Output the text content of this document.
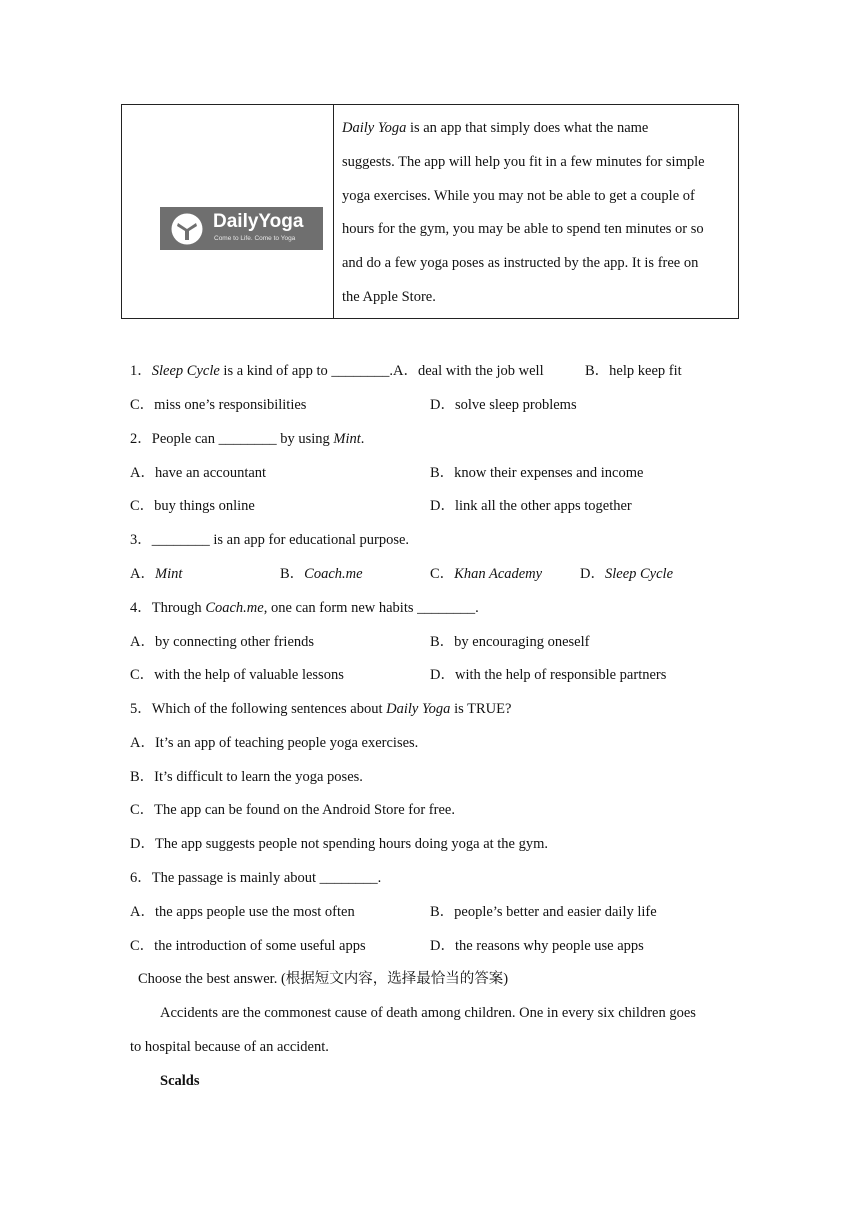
DailyYoga
Come to Life. Come to Yoga
Daily Yoga is an app that simply does what the name
suggests. The app will help you fit in a few minutes for simple
yoga exercises. While you may not be able to get a couple of
hours for the gym, you may be able to spend ten minutes or so
and do a few yoga poses as instructed by the app. It is free on
the Apple Store.
1．Sleep Cycle is a kind of app to ________.A．deal with the job well	B．help keep fit
C．miss one’s responsibilities	D．solve sleep problems
2．People can ________ by using Mint.
A．have an accountant	B．know their expenses and income
C．buy things online	D．link all the other apps together
3．________ is an app for educational purpose.
A．Mint	B．Coach.me	C．Khan Academy	D．Sleep Cycle
4．Through Coach.me, one can form new habits ________.
A．by connecting other friends	B．by encouraging oneself
C．with the help of valuable lessons	D．with the help of responsible partners
5．Which of the following sentences about Daily Yoga is TRUE?
A．It’s an app of teaching people yoga exercises.
B．It’s difficult to learn the yoga poses.
C．The app can be found on the Android Store for free.
D．The app suggests people not spending hours doing yoga at the gym.
6．The passage is mainly about ________.
A．the apps people use the most often	B．people’s better and easier daily life
C．the introduction of some useful apps	D．the reasons why people use apps
Choose the best answer. (根据短文内容，选择最恰当的答案)
Accidents are the commonest cause of death among children. One in every six children goes
to hospital because of an accident.
Scalds
